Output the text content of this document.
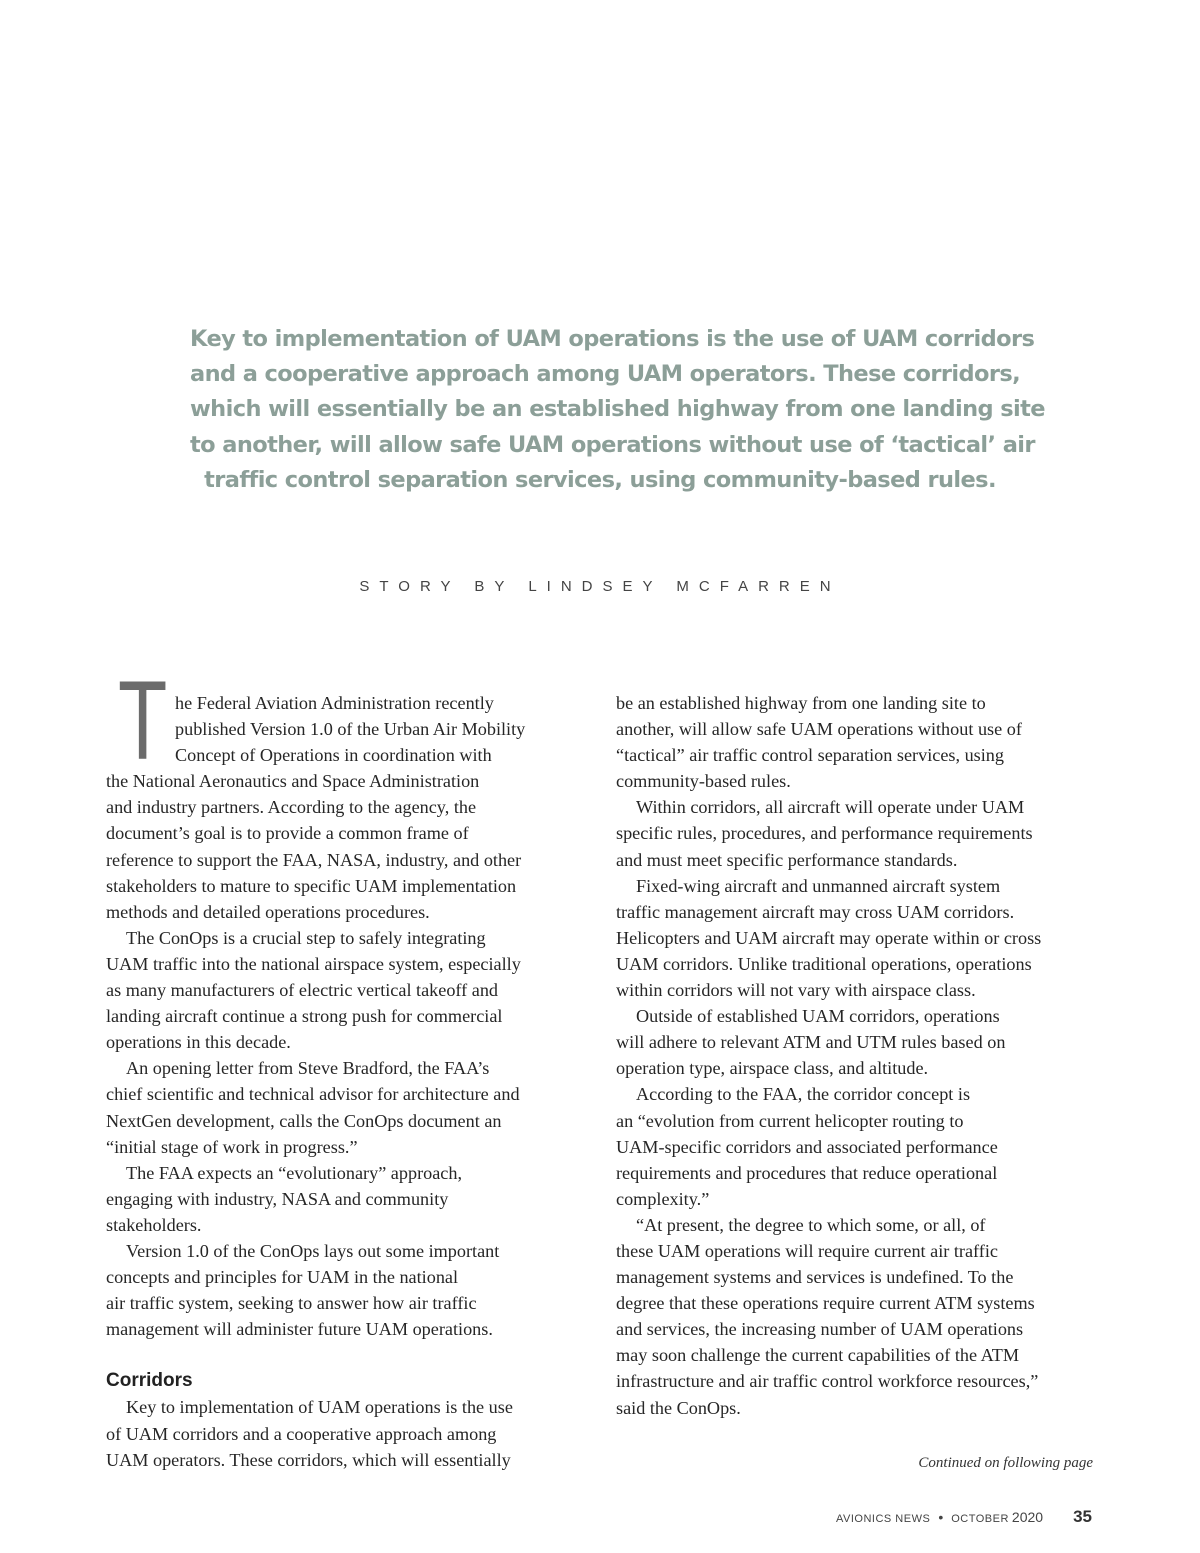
Key to implementation of UAM operations is the use of UAM corridors
and a cooperative approach among UAM operators. These corridors,
which will essentially be an established highway from one landing site
to another, will allow safe UAM operations without use of ‘tactical’ air
traffic control separation services, using community-based rules.
STORY BY LINDSEY MCFARREN
T he Federal Aviation Administration recently
published Version 1.0 of the Urban Air Mobility
Concept of Operations in coordination with
the National Aeronautics and Space Administration
and industry partners. According to the agency, the
document’s goal is to provide a common frame of
reference to support the FAA, NASA, industry, and other
stakeholders to mature to specific UAM implementation
methods and detailed operations procedures.
The ConOps is a crucial step to safely integrating
UAM traffic into the national airspace system, especially
as many manufacturers of electric vertical takeoff and
landing aircraft continue a strong push for commercial
operations in this decade.
An opening letter from Steve Bradford, the FAA’s
chief scientific and technical advisor for architecture and
NextGen development, calls the ConOps document an
“initial stage of work in progress.”
The FAA expects an “evolutionary” approach,
engaging with industry, NASA and community
stakeholders.
Version 1.0 of the ConOps lays out some important
concepts and principles for UAM in the national
air traffic system, seeking to answer how air traffic
management will administer future UAM operations.
Corridors
Key to implementation of UAM operations is the use
of UAM corridors and a cooperative approach among
UAM operators. These corridors, which will essentially
be an established highway from one landing site to
another, will allow safe UAM operations without use of
“tactical” air traffic control separation services, using
community-based rules.
Within corridors, all aircraft will operate under UAM
specific rules, procedures, and performance requirements
and must meet specific performance standards.
Fixed-wing aircraft and unmanned aircraft system
traffic management aircraft may cross UAM corridors.
Helicopters and UAM aircraft may operate within or cross
UAM corridors. Unlike traditional operations, operations
within corridors will not vary with airspace class.
Outside of established UAM corridors, operations
will adhere to relevant ATM and UTM rules based on
operation type, airspace class, and altitude.
According to the FAA, the corridor concept is
an “evolution from current helicopter routing to
UAM-specific corridors and associated performance
requirements and procedures that reduce operational
complexity.”
“At present, the degree to which some, or all, of
these UAM operations will require current air traffic
management systems and services is undefined. To the
degree that these operations require current ATM systems
and services, the increasing number of UAM operations
may soon challenge the current capabilities of the ATM
infrastructure and air traffic control workforce resources,”
said the ConOps.
Continued on following page
AVIONICS NEWS • OCTOBER 2020 35
